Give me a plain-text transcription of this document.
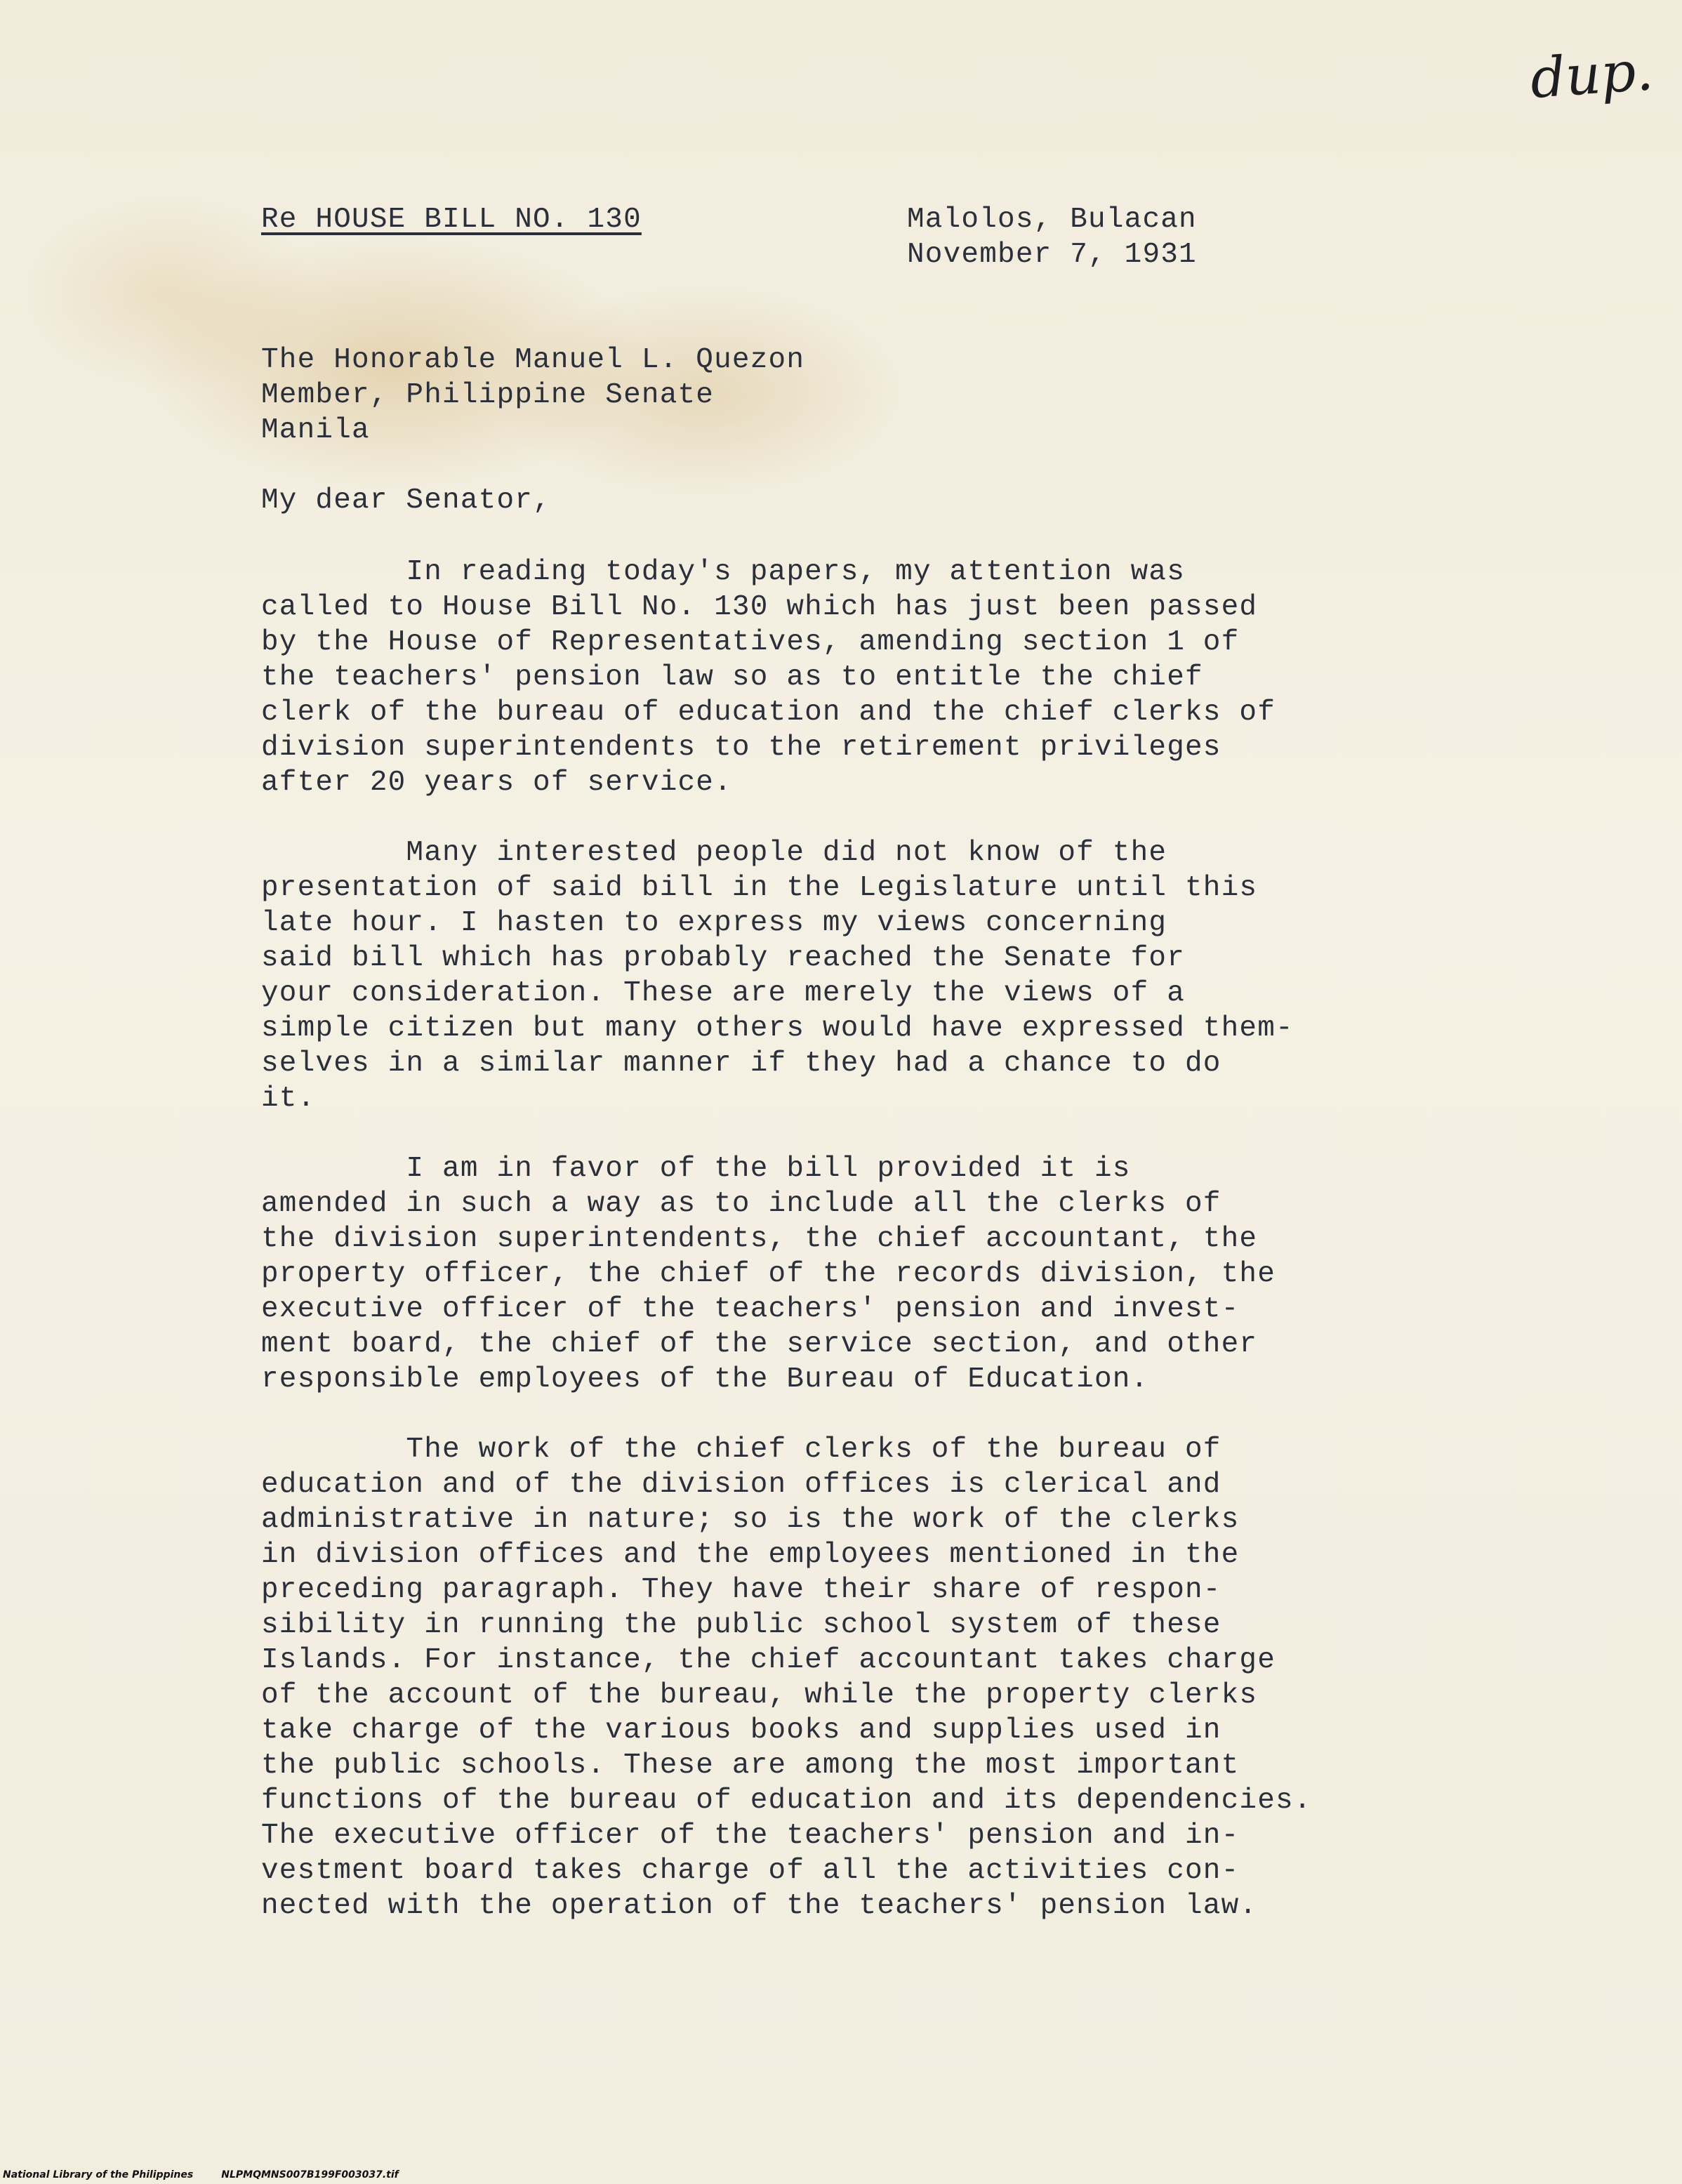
dup.
Re HOUSE BILL NO. 130	Malolos, Bulacan
November 7, 1931
The Honorable Manuel L. Quezon
Member, Philippine Senate
Manila
My dear Senator,
In reading today's papers, my attention was
called to House Bill No. 130 which has just been passed
by the House of Representatives, amending section 1 of
the teachers' pension law so as to entitle the chief
clerk of the bureau of education and the chief clerks of
division superintendents to the retirement privileges
after 20 years of service.
Many interested people did not know of the
presentation of said bill in the Legislature until this
late hour. I hasten to express my views concerning
said bill which has probably reached the Senate for
your consideration. These are merely the views of a
simple citizen but many others would have expressed them-
selves in a similar manner if they had a chance to do
it.
I am in favor of the bill provided it is
amended in such a way as to include all the clerks of
the division superintendents, the chief accountant, the
property officer, the chief of the records division, the
executive officer of the teachers' pension and invest-
ment board, the chief of the service section, and other
responsible employees of the Bureau of Education.
The work of the chief clerks of the bureau of
education and of the division offices is clerical and
administrative in nature; so is the work of the clerks
in division offices and the employees mentioned in the
preceding paragraph. They have their share of respon-
sibility in running the public school system of these
Islands. For instance, the chief accountant takes charge
of the account of the bureau, while the property clerks
take charge of the various books and supplies used in
the public schools. These are among the most important
functions of the bureau of education and its dependencies.
The executive officer of the teachers' pension and in-
vestment board takes charge of all the activities con-
nected with the operation of the teachers' pension law.
National Library of the Philippines	NLPMQMNS007B199F003037.tif
